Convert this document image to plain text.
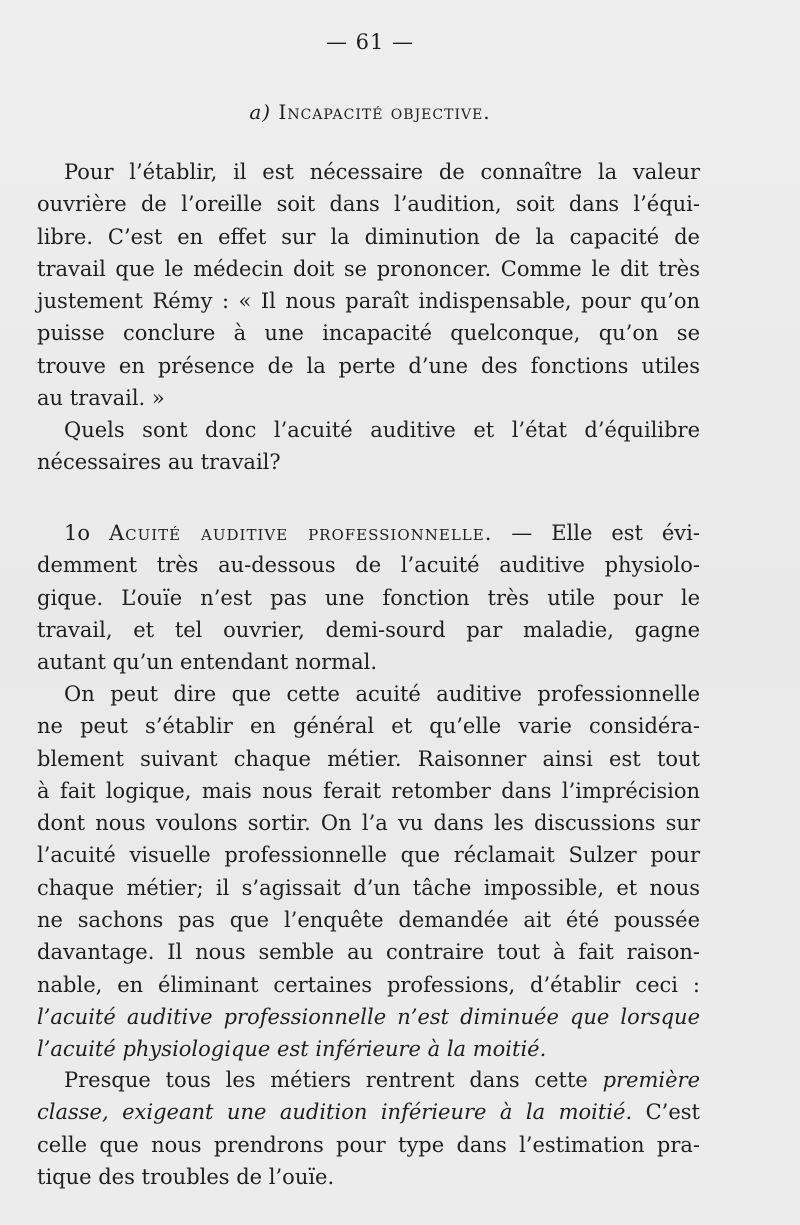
— 61 —
a) Incapacité objective.
Pour l’établir, il est nécessaire de connaître la valeur
ouvrière de l’oreille soit dans l’audition, soit dans l’équi-
libre. C’est en effet sur la diminution de la capacité de
travail que le médecin doit se prononcer. Comme le dit très
justement Rémy : « Il nous paraît indispensable, pour qu’on
puisse conclure à une incapacité quelconque, qu’on se
trouve en présence de la perte d’une des fonctions utiles
au travail. »
Quels sont donc l’acuité auditive et l’état d’équilibre
nécessaires au travail?
1o Acuité auditive professionnelle. — Elle est évi-
demment très au-dessous de l’acuité auditive physiolo-
gique. L’ouïe n’est pas une fonction très utile pour le
travail, et tel ouvrier, demi-sourd par maladie, gagne
autant qu’un entendant normal.
On peut dire que cette acuité auditive professionnelle
ne peut s’établir en général et qu’elle varie considéra-
blement suivant chaque métier. Raisonner ainsi est tout
à fait logique, mais nous ferait retomber dans l’imprécision
dont nous voulons sortir. On l’a vu dans les discussions sur
l’acuité visuelle professionnelle que réclamait Sulzer pour
chaque métier; il s’agissait d’un tâche impossible, et nous
ne sachons pas que l’enquête demandée ait été poussée
davantage. Il nous semble au contraire tout à fait raison-
nable, en éliminant certaines professions, d’établir ceci :
l’acuité auditive professionnelle n’est diminuée que lorsque
l’acuité physiologique est inférieure à la moitié.
Presque tous les métiers rentrent dans cette première
classe, exigeant une audition inférieure à la moitié. C’est
celle que nous prendrons pour type dans l’estimation pra-
tique des troubles de l’ouïe.
